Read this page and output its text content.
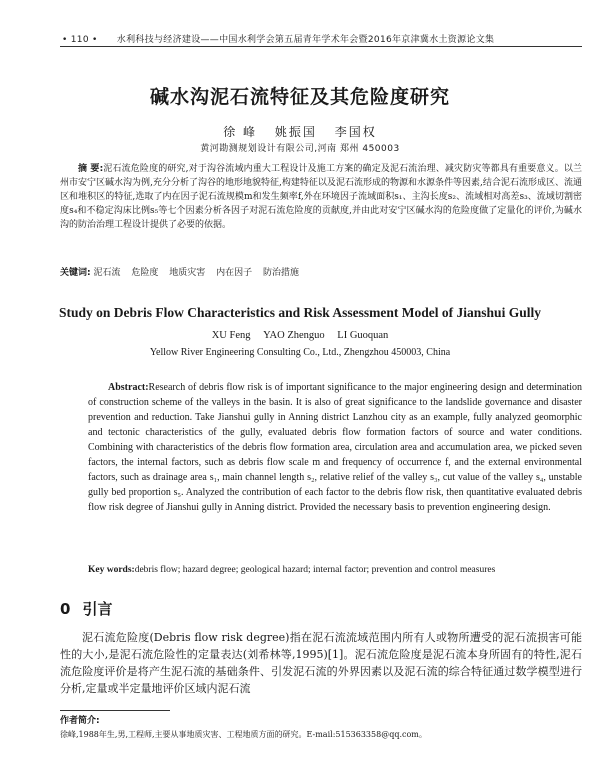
• 110 • 水利科技与经济建设——中国水利学会第五届青年学术年会暨2016年京津冀水土资源论文集
碱水沟泥石流特征及其危险度研究
徐 峰 姚振国 李国权
黄河勘测规划设计有限公司,河南 郑州 450003
摘 要:泥石流危险度的研究,对于沟谷流域内重大工程设计及施工方案的确定及泥石流治理、减灾防灾等都具有重要意义。以兰州市安宁区碱水沟为例,充分分析了沟谷的地形地貌特征,构建特征以及泥石流形成的物源和水源条件等因素,结合泥石流形成区、流通区和堆积区的特征,选取了内在因子泥石流规模m和发生频率f,外在环境因子流域面积s₁、主沟长度s₂、流域相对高差s₃、流域切割密度s₄和不稳定沟床比例s₅等七个因素分析各因子对泥石流危险度的贡献度,并由此对安宁区碱水沟的危险度做了定量化的评价,为碱水沟的防治治理工程设计提供了必要的依据。
关键词: 泥石流 危险度 地质灾害 内在因子 防治措施
Study on Debris Flow Characteristics and Risk Assessment Model of Jianshui Gully
XU Feng YAO Zhenguo LI Guoquan
Yellow River Engineering Consulting Co., Ltd., Zhengzhou 450003, China
Abstract:Research of debris flow risk is of important significance to the major engineering design and determination of construction scheme of the valleys in the basin. It is also of great significance to the landslide governance and disaster prevention and reduction. Take Jianshui gully in Anning district Lanzhou city as an example, fully analyzed geomorphic and tectonic characteristics of the gully, evaluated debris flow formation factors of source and water conditions. Combining with characteristics of the debris flow formation area, circulation area and accumulation area, we picked seven factors, the internal factors, such as debris flow scale m and frequency of occurrence f, and the external environmental factors, such as drainage area s₁, main channel length s₂, relative relief of the valley s₃, cut value of the valley s₄, unstable gully bed proportion s₅. Analyzed the contribution of each factor to the debris flow risk, then quantitative evaluated debris flow risk degree of Jianshui gully in Anning district. Provided the necessary basis to prevention engineering design.
Key words:debris flow; hazard degree; geological hazard; internal factor; prevention and control measures
0 引言
泥石流危险度(Debris flow risk degree)指在泥石流流域范围内所有人或物所遭受的泥石流损害可能性的大小,是泥石流危险性的定量表达(刘希林等,1995)[1]。泥石流危险度是泥石流本身所固有的特性,泥石流危险度评价是将产生泥石流的基础条件、引发泥石流的外界因素以及泥石流的综合特征通过数学模型进行分析,定量或半定量地评价区域内泥石流
作者简介:
徐峰,1988年生,男,工程师,主要从事地质灾害、工程地质方面的研究。E-mail:515363358@qq.com。
